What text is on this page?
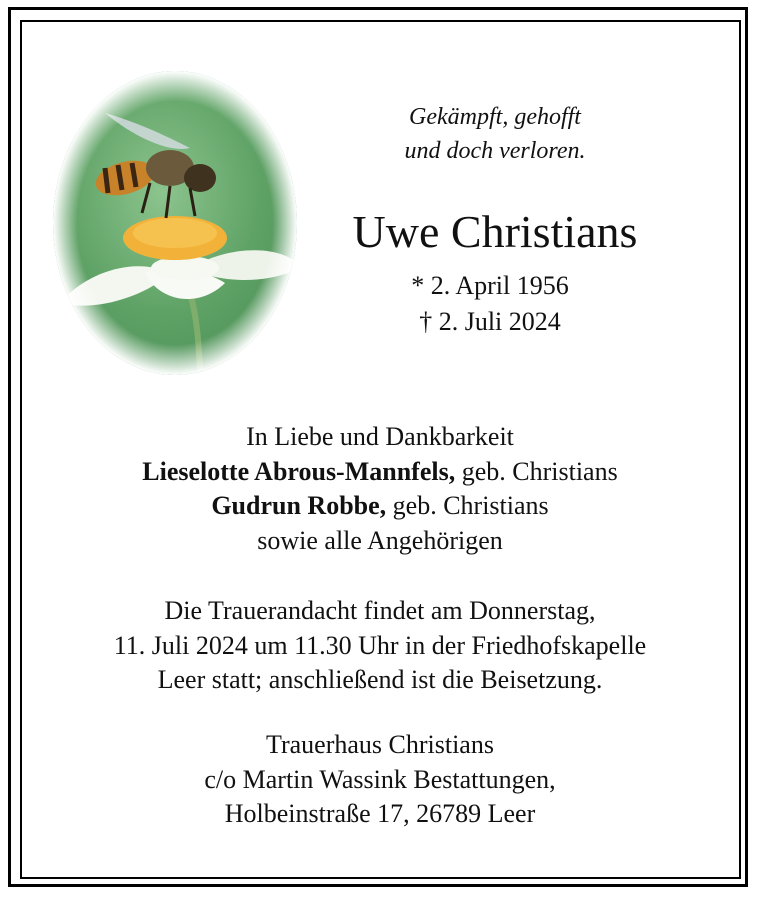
Gekämpft, gehofft
und doch verloren.
Uwe Christians
* 2. April 1956
† 2. Juli 2024
In Liebe und Dankbarkeit
Lieselotte Abrous-Mannfels, geb. Christians
Gudrun Robbe, geb. Christians
sowie alle Angehörigen
Die Trauerandacht findet am Donnerstag,
11. Juli 2024 um 11.30 Uhr in der Friedhofskapelle
Leer statt; anschließend ist die Beisetzung.
Trauerhaus Christians
c/o Martin Wassink Bestattungen,
Holbeinstraße 17, 26789 Leer
